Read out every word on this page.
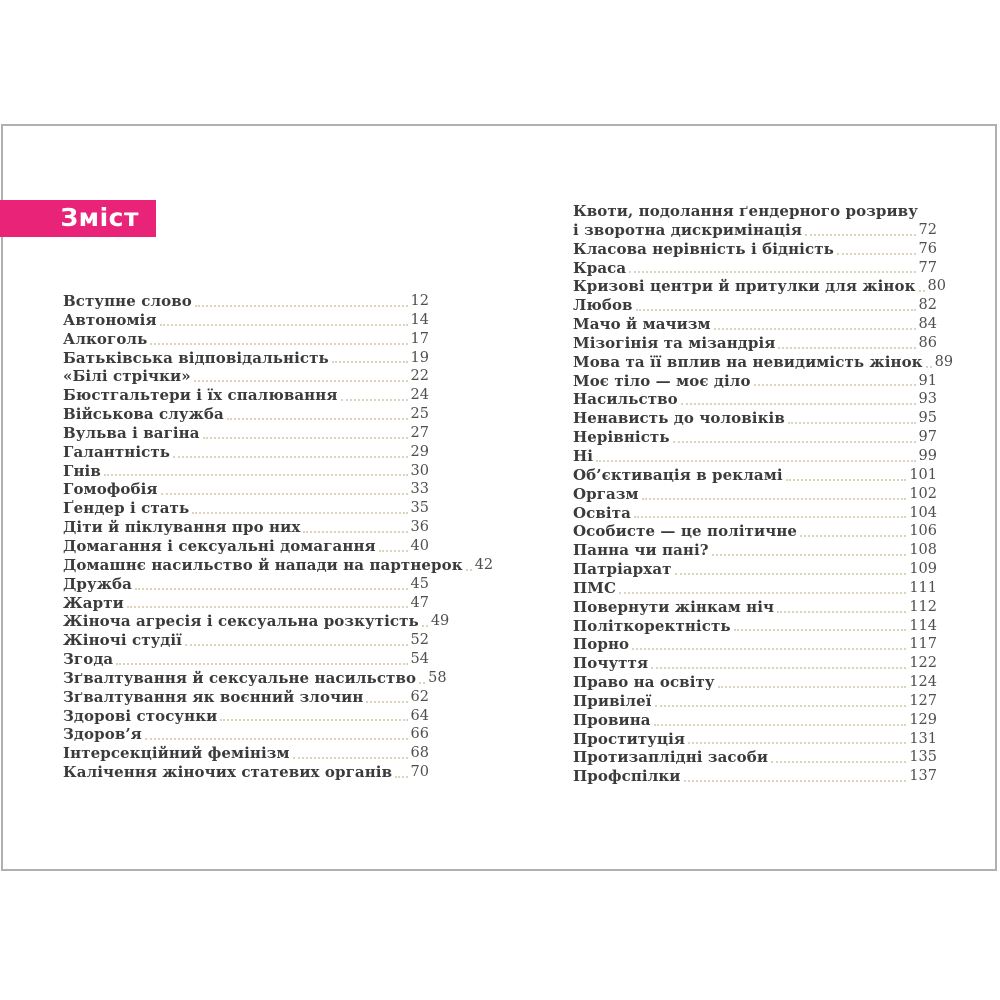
Зміст
Вступне слово	12
Автономія	14
Алкоголь	17
Батьківська відповідальність	19
«Білі стрічки»	22
Бюстгальтери і їх спалювання	24
Військова служба	25
Вульва і вагіна	27
Галантність	29
Гнів	30
Гомофобія	33
Ґендер і стать	35
Діти й піклування про них	36
Домагання і сексуальні домагання 40
Домашнє насильство й напади на партнерок 42
Дружба	45
Жарти	47
Жіноча агресія і сексуальна розкутість 49
Жіночі студії	52
Згода	54
Зґвалтування й сексуальне насильство 58
Зґвалтування як воєнний злочин	62
Здорові стосунки	64
Здоров’я	66
Інтерсекційний фемінізм	68
Калічення жіночих статевих органів 70
Квоти, подолання ґендерного розриву
і зворотна дискримінація	72
Класова нерівність і бідність	76
Краса	77
Кризові центри й притулки для жінок 80
Любов	82
Мачо й мачизм	84
Мізогінія та мізандрія	86
Мова та її вплив на невидимість жінок 89
Моє тіло — моє діло	91
Насильство	93
Ненависть до чоловіків	95
Нерівність	97
Ні	99
Об’єктивація в рекламі	101
Оргазм	102
Освіта	104
Особисте — це політичне	106
Панна чи пані?	108
Патріархат	109
ПМС	111
Повернути жінкам ніч	112
Політкоректність	114
Порно	117
Почуття	122
Право на освіту	124
Привілеї	127
Провина	129
Проституція	131
Протизаплідні засоби	135
Профспілки	137
